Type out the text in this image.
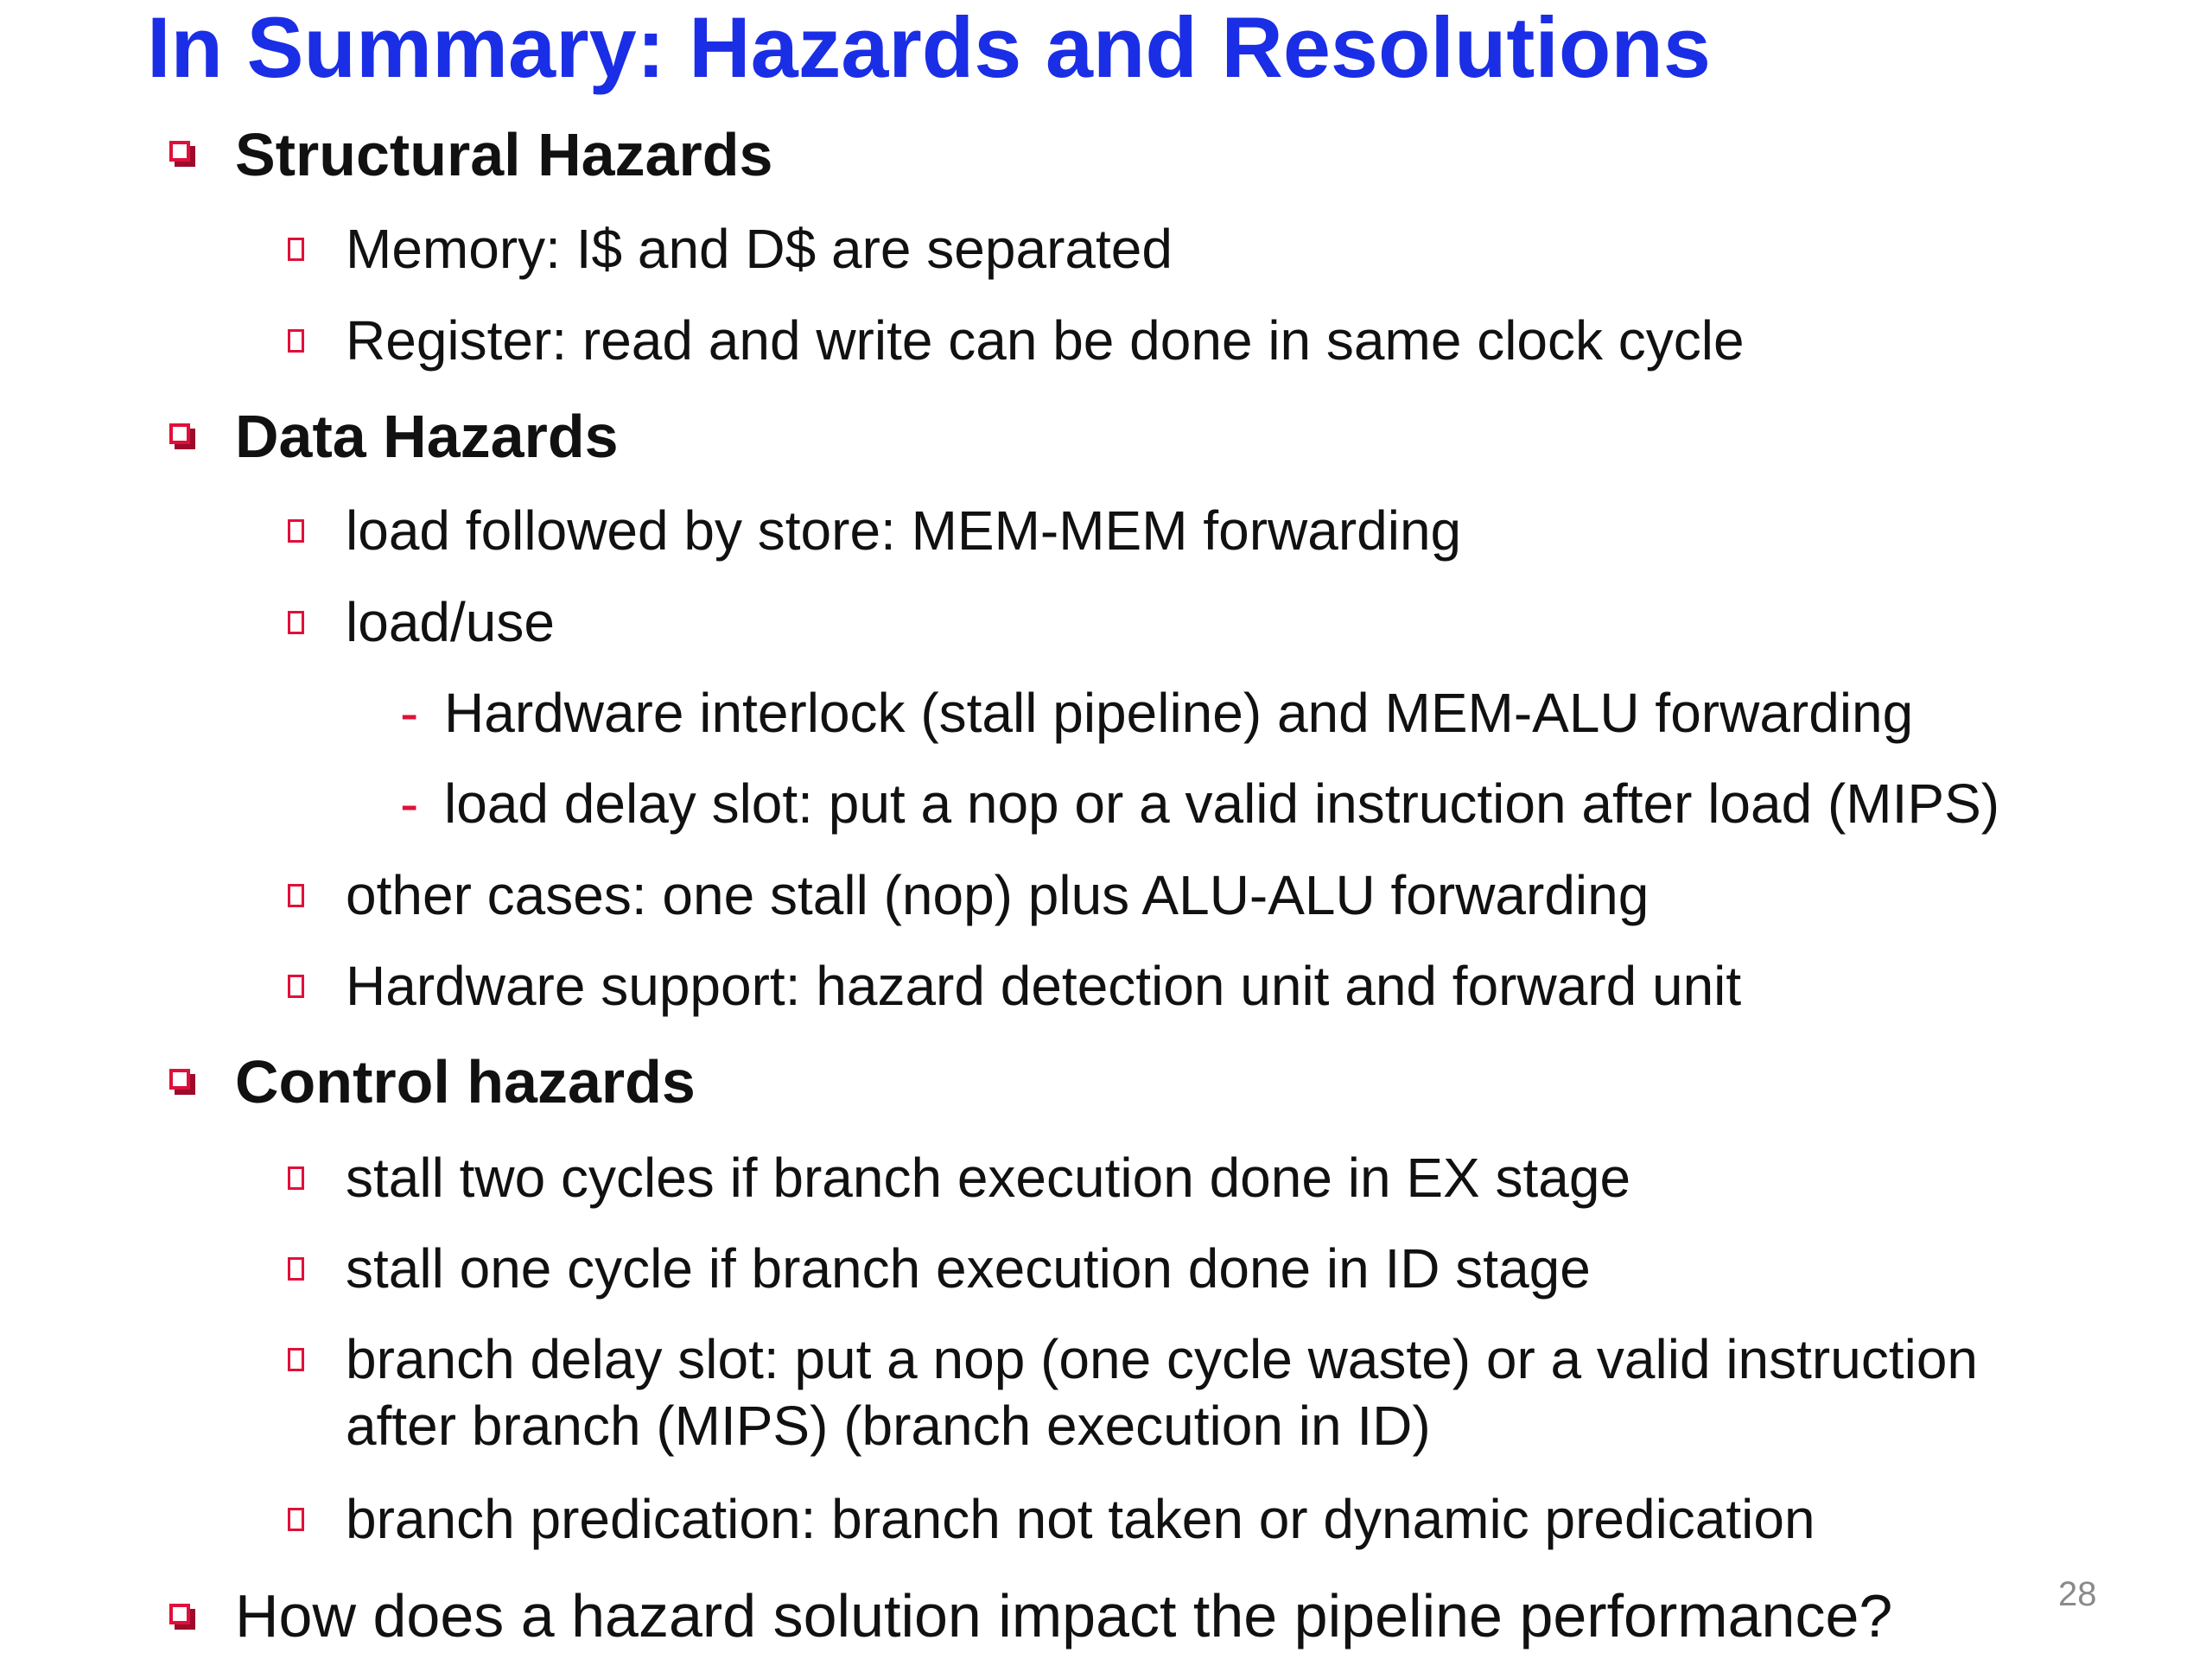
In Summary: Hazards and Resolutions
Structural Hazards
Memory: I$ and D$ are separated
Register: read and write can be done in same clock cycle
Data Hazards
load followed by store: MEM-MEM forwarding
load/use
- Hardware interlock (stall pipeline) and MEM-ALU forwarding
- load delay slot: put a nop or a valid instruction after load (MIPS)
other cases: one stall (nop) plus ALU-ALU forwarding
Hardware support: hazard detection unit and forward unit
Control hazards
stall two cycles if branch execution done in EX stage
stall one cycle if branch execution done in ID stage
branch delay slot: put a nop (one cycle waste) or a valid instruction
after branch (MIPS) (branch execution in ID)
branch predication: branch not taken or dynamic predication
How does a hazard solution impact the pipeline performance?	28
